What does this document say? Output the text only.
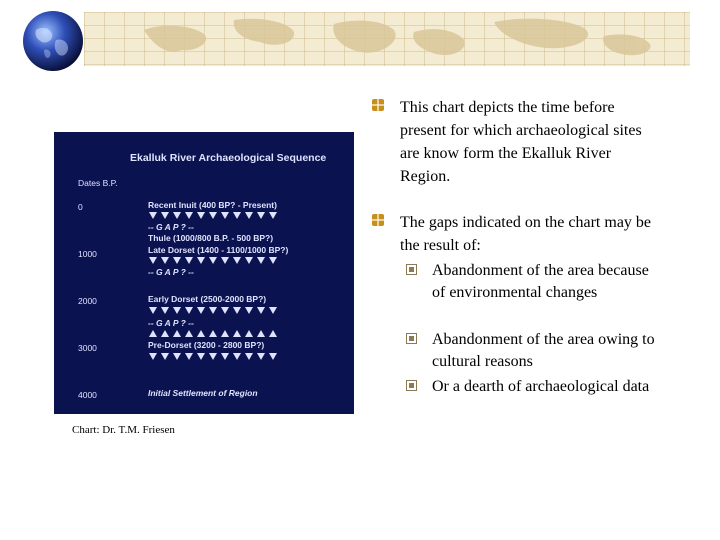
Ekalluk River Archaeological Sequence
Dates B.P.
0
1000
2000
3000
4000
Recent Inuit (400 BP? - Present)
-- G A P ? --
Thule (1000/800 B.P. - 500 BP?)
Late Dorset (1400 - 1100/1000 BP?)
-- G A P ? --
Early Dorset (2500-2000 BP?)
-- G A P ? --
Pre-Dorset (3200 - 2800 BP?)
Initial Settlement of Region
Chart: Dr. T.M. Friesen
This chart depicts the time before present for which archaeological sites are know form the Ekalluk River Region.
The gaps indicated on the chart may be the result of:
Abandonment of the area because of environmental changes
Abandonment of the area owing to cultural reasons
Or a dearth of archaeological data
